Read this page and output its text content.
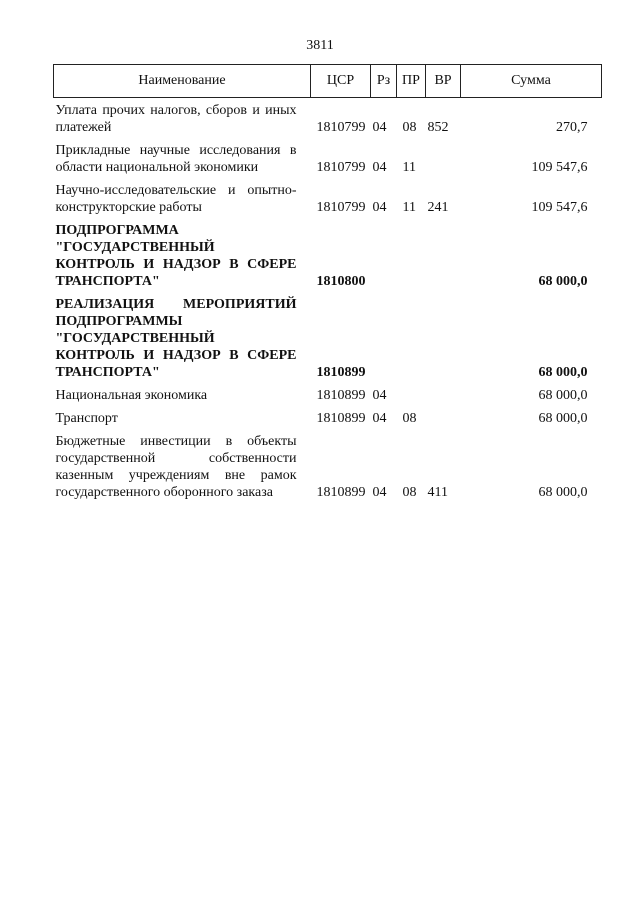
3811
Наименование	ЦСР	Рз	ПР	ВР	Сумма
Уплата прочих налогов, сборов и иных платежей	1810799	04	08	852	270,7
Прикладные научные исследования в области национальной экономики	1810799	04	11		109 547,6
Научно-исследовательские и опытно-конструкторские работы	1810799	04	11	241	109 547,6
ПОДПРОГРАММА "ГОСУДАРСТВЕННЫЙ КОНТРОЛЬ И НАДЗОР В СФЕРЕ ТРАНСПОРТА"	1810800				68 000,0
РЕАЛИЗАЦИЯ МЕРОПРИЯТИЙ ПОДПРОГРАММЫ "ГОСУДАРСТВЕННЫЙ КОНТРОЛЬ И НАДЗОР В СФЕРЕ ТРАНСПОРТА"	1810899				68 000,0
Национальная экономика	1810899	04			68 000,0
Транспорт	1810899	04	08		68 000,0
Бюджетные инвестиции в объекты государственной собственности казенным учреждениям вне рамок государственного оборонного заказа	1810899	04	08	411	68 000,0
